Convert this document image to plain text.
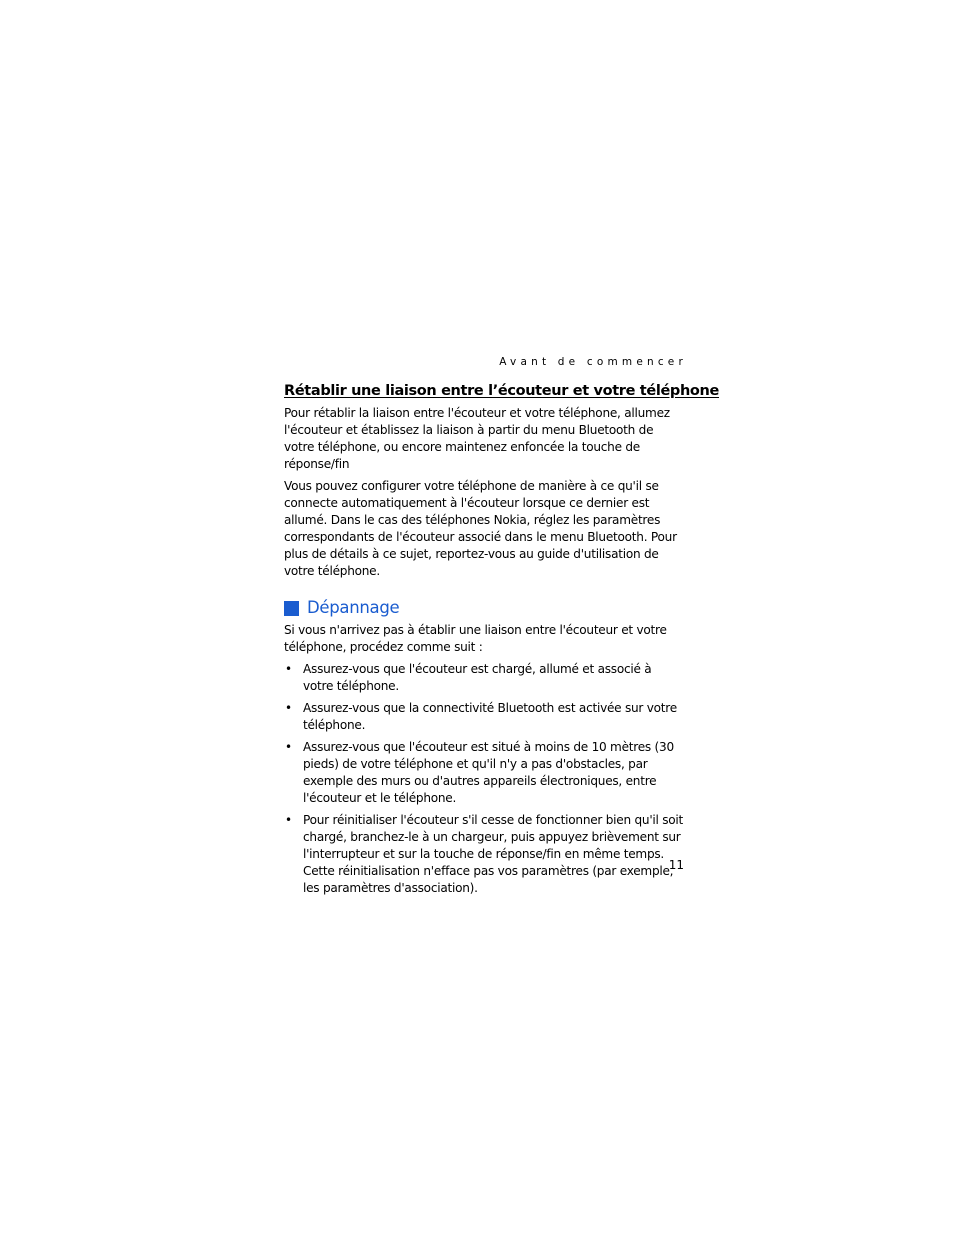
Avant de commencer
Rétablir une liaison entre l’écouteur et votre téléphone

Pour rétablir la liaison entre l'écouteur et votre téléphone, allumez l'écouteur et établissez la liaison à partir du menu Bluetooth de votre téléphone, ou encore maintenez enfoncée la touche de réponse/fin

Vous pouvez configurer votre téléphone de manière à ce qu'il se connecte automatiquement à l'écouteur lorsque ce dernier est allumé. Dans le cas des téléphones Nokia, réglez les paramètres correspondants de l'écouteur associé dans le menu Bluetooth. Pour plus de détails à ce sujet, reportez-vous au guide d'utilisation de votre téléphone.

Dépannage

Si vous n'arrivez pas à établir une liaison entre l'écouteur et votre téléphone, procédez comme suit :

• Assurez-vous que l'écouteur est chargé, allumé et associé à votre téléphone.

• Assurez-vous que la connectivité Bluetooth est activée sur votre téléphone.

• Assurez-vous que l'écouteur est situé à moins de 10 mètres (30 pieds) de votre téléphone et qu'il n'y a pas d'obstacles, par exemple des murs ou d'autres appareils électroniques, entre l'écouteur et le téléphone.

• Pour réinitialiser l'écouteur s'il cesse de fonctionner bien qu'il soit chargé, branchez-le à un chargeur, puis appuyez brièvement sur l'interrupteur et sur la touche de réponse/fin en même temps. Cette réinitialisation n'efface pas vos paramètres (par exemple, les paramètres d'association).

11
